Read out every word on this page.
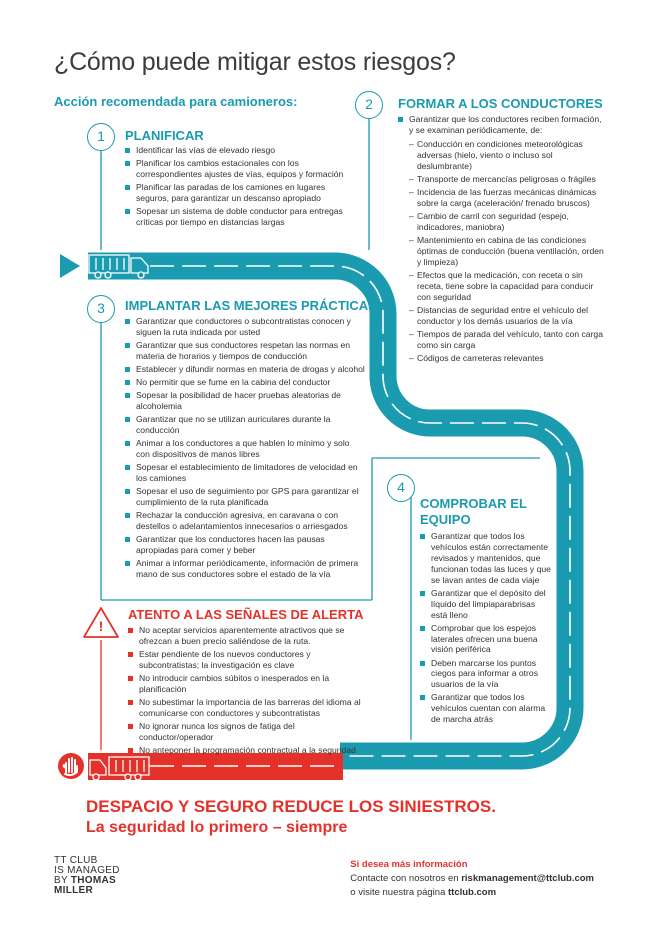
¿Cómo puede mitigar estos riesgos?
Acción recomendada para camioneros:
1	PLANIFICAR
Identificar las vías de elevado riesgo
Planificar los cambios estacionales con los correspondientes ajustes de vías, equipos y formación
Planificar las paradas de los camiones en lugares seguros, para garantizar un descanso apropiado
Sopesar un sistema de doble conductor para entregas críticas por tiempo en distancias largas
2	FORMAR A LOS CONDUCTORES
Garantizar que los conductores reciben formación, y se examinan periódicamente, de:
– Conducción en condiciones meteorológicas adversas (hielo, viento o incluso sol deslumbrante)
– Transporte de mercancías peligrosas o frágiles
– Incidencia de las fuerzas mecánicas dinámicas sobre la carga (aceleración/ frenado bruscos)
– Cambio de carril con seguridad (espejo, indicadores, maniobra)
– Mantenimiento en cabina de las condiciones óptimas de conducción (buena ventilación, orden y limpieza)
– Efectos que la medicación, con receta o sin receta, tiene sobre la capacidad para conducir con seguridad
– Distancias de seguridad entre el vehículo del conductor y los demás usuarios de la vía
– Tiempos de parada del vehículo, tanto con carga como sin carga
– Códigos de carreteras relevantes
3	IMPLANTAR LAS MEJORES PRÁCTICAS
Garantizar que conductores o subcontratistas conocen y siguen la ruta indicada por usted
Garantizar que sus conductores respetan las normas en materia de horarios y tiempos de conducción
Establecer y difundir normas en materia de drogas y alcohol
No permitir que se fume en la cabina del conductor
Sopesar la posibilidad de hacer pruebas aleatorias de alcoholemia
Garantizar que no se utilizan auriculares durante la conducción
Animar a los conductores a que hablen lo mínimo y solo con dispositivos de manos libres
Sopesar el establecimiento de limitadores de velocidad en los camiones
Sopesar el uso de seguimiento por GPS para garantizar el cumplimiento de la ruta planificada
Rechazar la conducción agresiva, en caravana o con destellos o adelantamientos innecesarios o arriesgados
Garantizar que los conductores hacen las pausas apropiadas para comer y beber
Animar a informar periódicamente, información de primera mano de sus conductores sobre el estado de la vía
4
COMPROBAR EL EQUIPO
Garantizar que todos los vehículos están correctamente revisados y mantenidos, que funcionan todas las luces y que se lavan antes de cada viaje
Garantizar que el depósito del líquido del limpiaparabrisas está lleno
Comprobar que los espejos laterales ofrecen una buena visión periférica
Deben marcarse los puntos ciegos para informar a otros usuarios de la vía
Garantizar que todos los vehículos cuentan con alarma de marcha atrás
!
ATENTO A LAS SEÑALES DE ALERTA
No aceptar servicios aparentemente atractivos que se ofrezcan a buen precio saliéndose de la ruta.
Estar pendiente de los nuevos conductores y subcontratistas; la investigación es clave
No introducir cambios súbitos o inesperados en la planificación
No subestimar la importancia de las barreras del idioma al comunicarse con conductores y subcontratistas
No ignorar nunca los signos de fatiga del conductor/operador
No anteponer la programación contractual a la seguridad
DESPACIO Y SEGURO REDUCE LOS SINIESTROS.
La seguridad lo primero – siempre
TT CLUB
IS MANAGED
BY THOMAS
MILLER
Si desea más información
Contacte con nosotros en riskmanagement@ttclub.com
o visite nuestra página ttclub.com
